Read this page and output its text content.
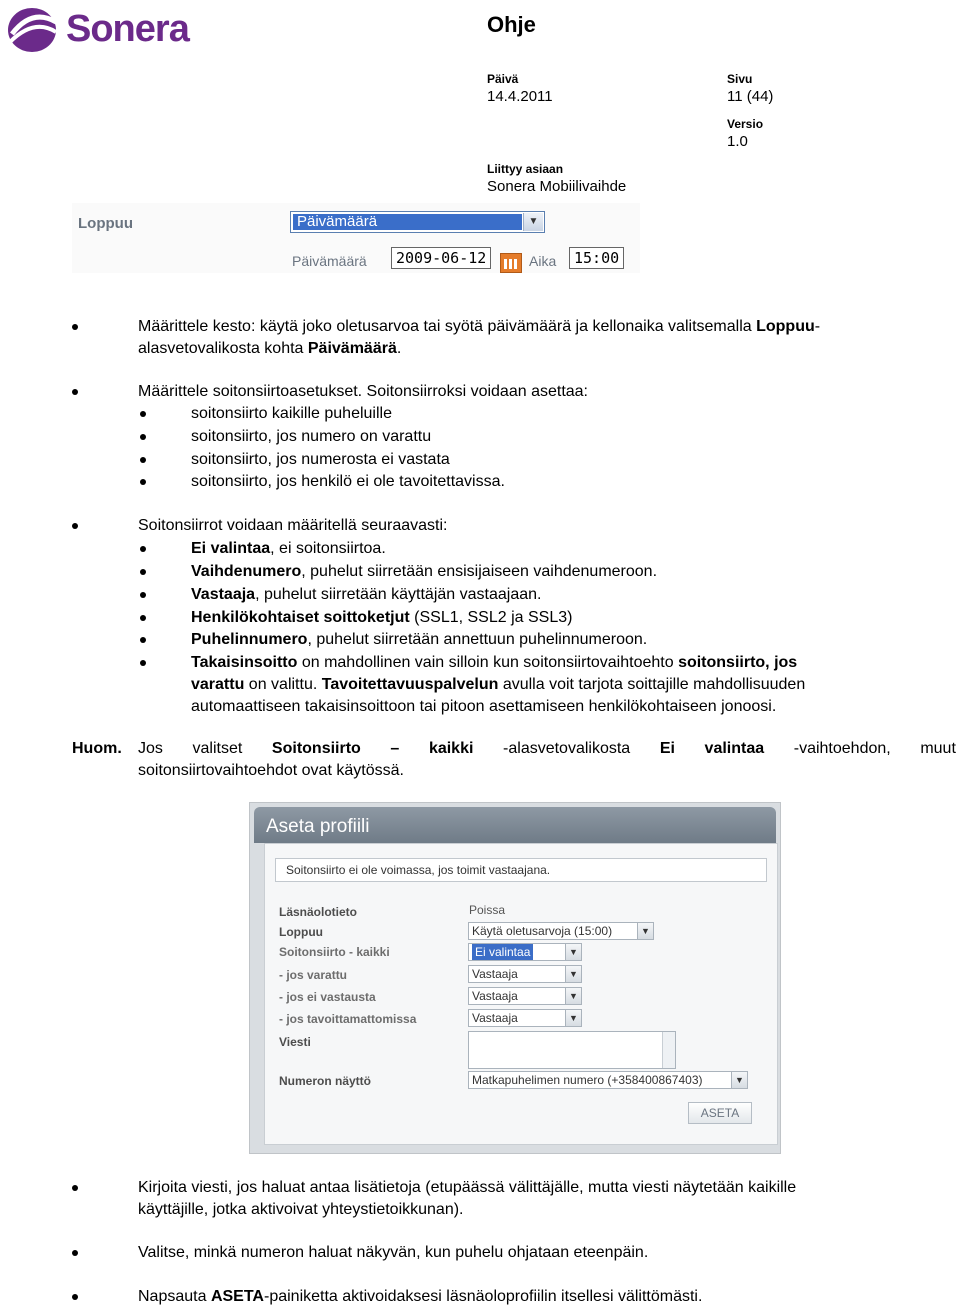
Sonera	Ohje
Päivä
14.4.2011
Sivu
11 (44)
Versio
1.0
Liittyy asiaan
Sonera Mobiilivaihde
Loppuu	Päivämäärä	▼
Päivämäärä	2009-06-12	Aika	15:00
Määrittele kesto: käytä joko oletusarvoa tai syötä päivämäärä ja kellonaika valitsemalla Loppuu-
alasvetovalikosta kohta Päivämäärä.
Määrittele soitonsiirtoasetukset. Soitonsiirroksi voidaan asettaa:
soitonsiirto kaikille puheluille
soitonsiirto, jos numero on varattu
soitonsiirto, jos numerosta ei vastata
soitonsiirto, jos henkilö ei ole tavoitettavissa.
Soitonsiirrot voidaan määritellä seuraavasti:
Ei valintaa, ei soitonsiirtoa.
Vaihdenumero, puhelut siirretään ensisijaiseen vaihdenumeroon.
Vastaaja, puhelut siirretään käyttäjän vastaajaan.
Henkilökohtaiset soittoketjut (SSL1, SSL2 ja SSL3)
Puhelinnumero, puhelut siirretään annettuun puhelinnumeroon.
Takaisinsoitto on mahdollinen vain silloin kun soitonsiirtovaihtoehto soitonsiirto, jos
varattu on valittu. Tavoitettavuuspalvelun avulla voit tarjota soittajille mahdollisuuden
automaattiseen takaisinsoittoon tai pitoon asettamiseen henkilökohtaiseen jonoosi.
Huom. Jos valitset Soitonsiirto – kaikki -alasvetovalikosta Ei valintaa -vaihtoehdon, muut
soitonsiirtovaihtoehdot ovat käytössä.
Aseta profiili
Soitonsiirto ei ole voimassa, jos toimit vastaajana.
Läsnäolotieto	Poissa
Loppuu	Käytä oletusarvoja (15:00)	▼
Soitonsiirto - kaikki	Ei valintaa	▼
- jos varattu	Vastaaja	▼
- jos ei vastausta	Vastaaja	▼
- jos tavoittamattomissa	Vastaaja	▼
Viesti
Numeron näyttö	Matkapuhelimen numero (+358400867403)	▼
ASETA
Kirjoita viesti, jos haluat antaa lisätietoja (etupäässä välittäjälle, mutta viesti näytetään kaikille
käyttäjille, jotka aktivoivat yhteystietoikkunan).
Valitse, minkä numeron haluat näkyvän, kun puhelu ohjataan eteenpäin.
Napsauta ASETA-painiketta aktivoidaksesi läsnäoloprofiilin itsellesi välittömästi.
